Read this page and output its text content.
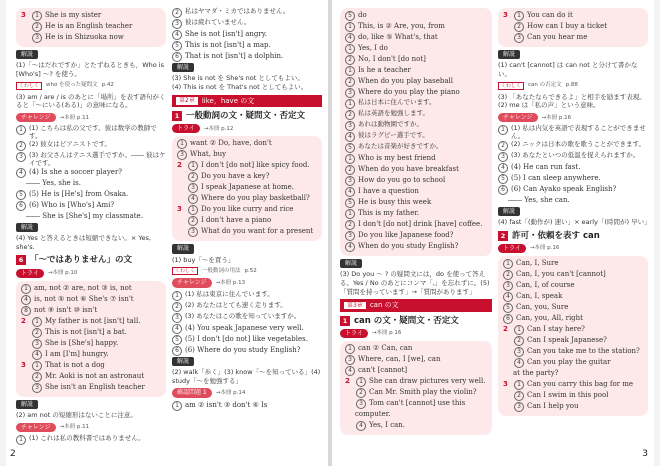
3	1 She is my sister
2 He is an English teacher
3 He is in Shizuoka now
解説
(1)「〜はだれですか」とたずねるときも，Who is [Who's] 〜? を使う。
くわしく	who を使った疑問文 p.42
(3) am / are / is のあとに「場所」を表す語句がくると「〜にいる(ある)」の意味になる。
チャレンジ	→本冊 p.11
1 (1) こちらは私の父です。彼は数学の教師です。
2 (2) 彼女はピアニストです。
3 (3) お父さんはテニス選手ですか。―― 彼はケイです。
4 (4) Is she a soccer player?
―― Yes, she is.
5 (5) He is [He's] from Osaka.
6 (6) Who is [Who's] Ami?
―― She is [She's] my classmate.
解説
(4) Yes と答えるときは短縮できない。× Yes, she's.
6 「〜ではありません」の文
トライ	→本冊 p.10
1 am, not ② are, not ③ is, not
4 is, not ⑤ not ⑥ She's ⑦ isn't
8 not ⑨ isn't ⑩ isn't
2	1 My father is not [isn't] tall.
2 This is not [isn't] a bat.
3 She is [She's] happy.
4 I am [I'm] hungry.
3	1 That is not a dog
2 Mr. Aoki is not an astronaut
3 She isn't an English teacher
解説
(2) am not の短縮形はないことに注意。
チャレンジ	→本冊 p.11
1 (1) これは私の教科書ではありません。
2 私はヤマダ・ミカではありません。
3 彼は疲れていません。
4 She is not [isn't] angry.
5 This is not [isn't] a map.
6 That is not [isn't] a dolphin.
解説
(3) She is not を She's not としてもよい。
(4) This is not を That's not としてもよい。
第2章	like，have の文
1 一般動詞の文・疑問文・否定文
トライ	→本冊 p.12
1 want ② Do, have, don't
3 What, buy
2	1 I don't [do not] like spicy food.
2 Do you have a key?
3 I speak Japanese at home.
4 Where do you play basketball?
3	1 Do you like curry and rice
2 I don't have a piano
3 What do you want for a present
解説
(1) buy「〜を買う」
くわしく	一般動詞の用法 p.52
チャレンジ	→本冊 p.13
1 (1) 私は東京に住んでいます。
2 (2) あなたはとても速く走ります。
3 (3) あなたはこの歌を知っていますか。
4 (4) You speak Japanese very well.
5 (5) I don't [do not] like vegetables.
6 (6) Where do you study English?
解説
(2) walk「歩く」(3) know「〜を知っている」(4) study「〜を勉強する」
確認問題 1	→本冊 p.14
1 am ② isn't ③ don't ④ Is
2
5 do
1 This, is ② Are, you, from
4 do, like ⑤ What's, that
1 Yes, I do
2 No, I don't [do not]
1 Is he a teacher
2 When do you play baseball
3 Where do you play the piano
1 私は日本に住んでいます。
2 私は英語を勉強します。
3 あれは動物園ですか。
4 彼はラグビー選手です。
5 あなたは音楽が好きですか。
1 Who is my best friend
2 When do you have breakfast
3 How do you go to school
4 I have a question
5 He is busy this week
1 This is my father.
2 I don't [do not] drink [have] coffee.
3 Do you like Japanese food?
4 When do you study English?
解説
(3) Do you 〜 ? の疑問文には，do を使って答える。Yes / No のあとにコンマ「,」を忘れずに。(5)「質問を持っています」→「質問があります」
第3章	can の文
1 can の文・疑問文・否定文
トライ	→本冊 p.16
1 can ② Can, can
3 Where, can, I [we], can
4 can't [cannot]
2	1 She can draw pictures very well.
2 Can Mr. Smith play the violin?
3 Tom can't [cannot] use this
computer.
4 Yes, I can.
3	1 You can do it
2 How can I buy a ticket
3 Can you hear me
解説
(1) can't [cannot] は can not と分けて書かない。
くわしく	can の否定文 p.88
(3) 「あなたならできるよ」と相手を励ます表現。(2) me は「私の声」という意味。
チャレンジ	→本冊 p.16
1 (1) 私は内気を英語で表現することができません。
2 (2) ニックは日本の歌を歌うことができます。
3 (3) あなたといつの低温を捉えられますか。
4 (4) He can run fast.
5 (5) I can sleep anywhere.
6 (6) Can Ayako speak English?
―― Yes, she can.
解説
(4) fast「(動作が) 速い」× early「(時間が) 早い」
2 許可・依頼を表す can
トライ	→本冊 p.16
1 Can, I, Sure
2 Can, I, you can't [cannot]
3 Can, I, of course
4 Can, I, speak
5 Can, you, Sure
6 Can, you, All, right
2	1 Can I stay here?
2 Can I speak Japanese?
3 Can you take me to the station?
4 Can you play the guitar
at the party?
3	1 Can you carry this bag for me
2 Can I swim in this pool
3 Can I help you
3
